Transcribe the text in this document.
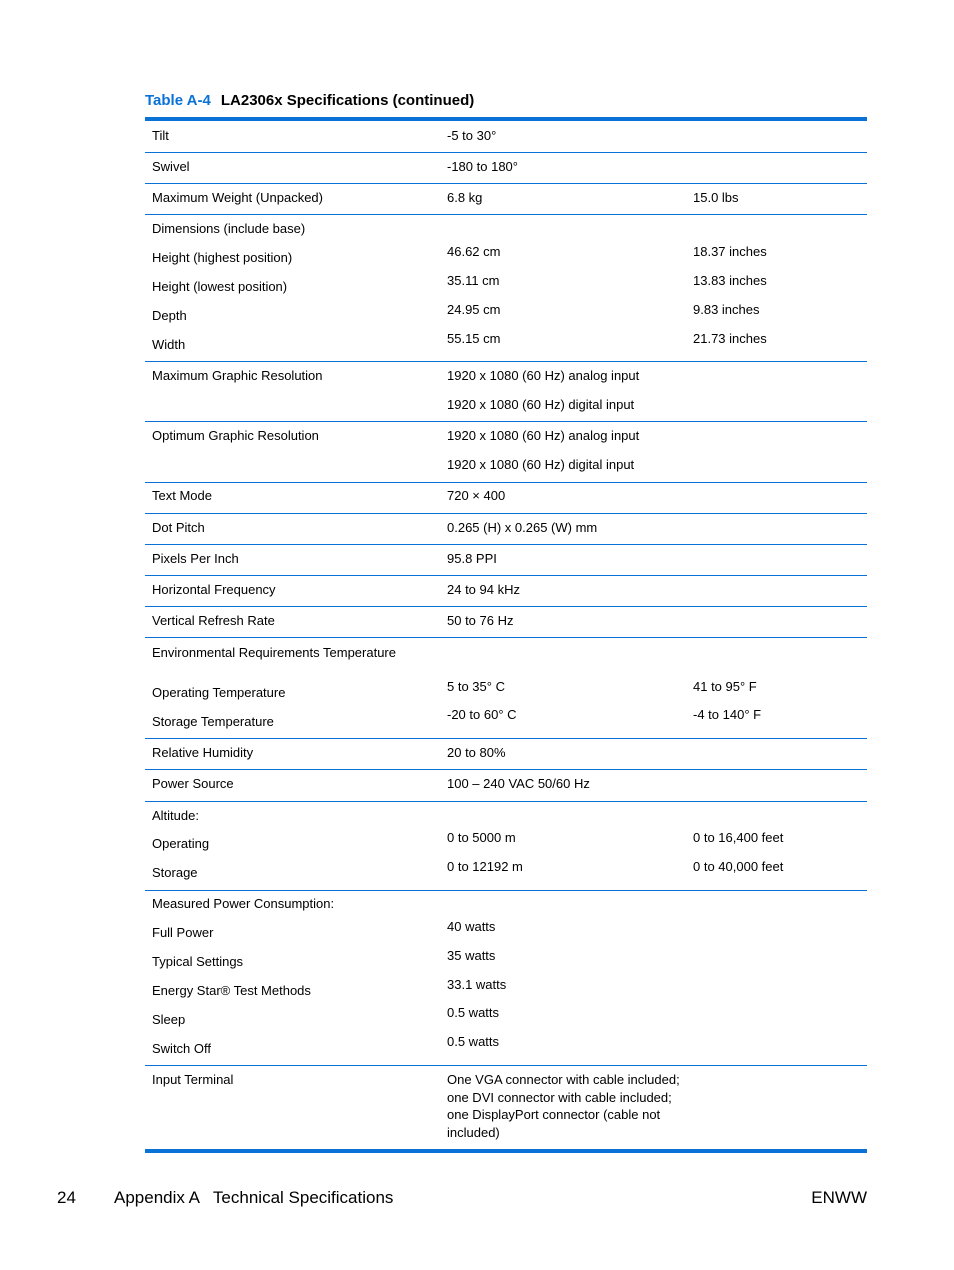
Table A-4 LA2306x Specifications (continued)
Tilt	-5 to 30°
Swivel	-180 to 180°
Maximum Weight (Unpacked)	6.8 kg	15.0 lbs
Dimensions (include base)
Height (highest position)	46.62 cm	18.37 inches
Height (lowest position)	35.11 cm	13.83 inches
Depth	24.95 cm	9.83 inches
Width	55.15 cm	21.73 inches
Maximum Graphic Resolution	1920 x 1080 (60 Hz) analog input
1920 x 1080 (60 Hz) digital input
Optimum Graphic Resolution	1920 x 1080 (60 Hz) analog input
1920 x 1080 (60 Hz) digital input
Text Mode	720 × 400
Dot Pitch	0.265 (H) x 0.265 (W) mm
Pixels Per Inch	95.8 PPI
Horizontal Frequency	24 to 94 kHz
Vertical Refresh Rate	50 to 76 Hz
Environmental Requirements Temperature
Operating Temperature	5 to 35° C	41 to 95° F
Storage Temperature	-20 to 60° C	-4 to 140° F
Relative Humidity	20 to 80%
Power Source	100 – 240 VAC 50/60 Hz
Altitude:
Operating	0 to 5000 m	0 to 16,400 feet
Storage	0 to 12192 m	0 to 40,000 feet
Measured Power Consumption:
Full Power	40 watts
Typical Settings	35 watts
Energy Star® Test Methods	33.1 watts
Sleep	0.5 watts
Switch Off	0.5 watts
Input Terminal	One VGA connector with cable included; one DVI connector with cable included; one DisplayPort connector (cable not included)
24 Appendix A   Technical Specifications	ENWW
